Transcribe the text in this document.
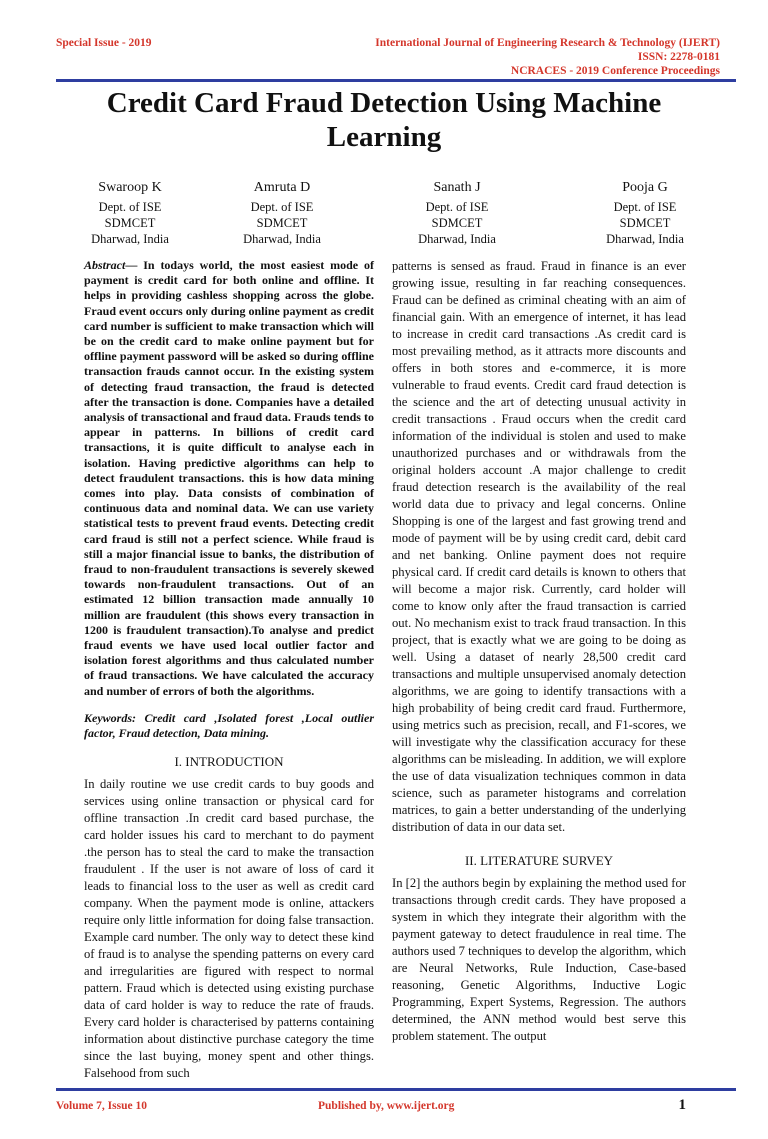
Special Issue - 2019	International Journal of Engineering Research & Technology (IJERT)
ISSN: 2278-0181
NCRACES - 2019 Conference Proceedings
Credit Card Fraud Detection Using Machine Learning
Swaroop K
Dept. of ISE
SDMCET
Dharwad, India
Amruta D
Dept. of ISE
SDMCET
Dharwad, India
Sanath J
Dept. of ISE
SDMCET
Dharwad, India
Pooja G
Dept. of ISE
SDMCET
Dharwad, India

Abstract— In todays world, the most easiest mode of payment is credit card for both online and offline. It helps in providing cashless shopping across the globe. Fraud event occurs only during online payment as credit card number is sufficient to make transaction which will be on the credit card to make online payment but for offline payment password will be asked so during offline transaction frauds cannot occur. In the existing system of detecting fraud transaction, the fraud is detected after the transaction is done. Companies have a detailed analysis of transactional and fraud data. Frauds tends to appear in patterns. In billions of credit card transactions, it is quite difficult to analyse each in isolation. Having predictive algorithms can help to detect fraudulent transactions. this is how data mining comes into play. Data consists of combination of continuous data and nominal data. We can use variety statistical tests to prevent fraud events. Detecting credit card fraud is still not a perfect science. While fraud is still a major financial issue to banks, the distribution of fraud to non-fraudulent transactions is severely skewed towards non-fraudulent transactions. Out of an estimated 12 billion transaction made annually 10 million are fraudulent (this shows every transaction in 1200 is fraudulent transaction).To analyse and predict fraud events we have used local outlier factor and isolation forest algorithms and thus calculated number of fraud transactions. We have calculated the accuracy and number of errors of both the algorithms.

Keywords: Credit card ,Isolated forest ,Local outlier factor, Fraud detection, Data mining.

I. INTRODUCTION

In daily routine we use credit cards to buy goods and services using online transaction or physical card for offline transaction .In credit card based purchase, the card holder issues his card to merchant to do payment .the person has to steal the card to make the transaction fraudulent . If the user is not aware of loss of card it leads to financial loss to the user as well as credit card company. When the payment mode is online, attackers require only little information for doing false transaction. Example card number. The only way to detect these kind of fraud is to analyse the spending patterns on every card and irregularities are figured with respect to normal pattern. Fraud which is detected using existing purchase data of card holder is way to reduce the rate of frauds. Every card holder is characterised by patterns containing information about distinctive purchase category the time since the last buying, money spent and other things. Falsehood from such

patterns is sensed as fraud. Fraud in finance is an ever growing issue, resulting in far reaching consequences. Fraud can be defined as criminal cheating with an aim of financial gain. With an emergence of internet, it has lead to increase in credit card transactions .As credit card is most prevailing method, as it attracts more discounts and offers in both stores and e-commerce, it is more vulnerable to fraud events. Credit card fraud detection is the science and the art of detecting unusual activity in credit transactions . Fraud occurs when the credit card information of the individual is stolen and used to make unauthorized purchases and or withdrawals from the original holders account .A major challenge to credit fraud detection research is the availability of the real world data due to privacy and legal concerns. Online Shopping is one of the largest and fast growing trend and mode of payment will be by using credit card, debit card and net banking. Online payment does not require physical card. If credit card details is known to others that will become a major risk. Currently, card holder will come to know only after the fraud transaction is carried out. No mechanism exist to track fraud transaction. In this project, that is exactly what we are going to be doing as well. Using a dataset of nearly 28,500 credit card transactions and multiple unsupervised anomaly detection algorithms, we are going to identify transactions with a high probability of being credit card fraud. Furthermore, using metrics such as precision, recall, and F1-scores, we will investigate why the classification accuracy for these algorithms can be misleading. In addition, we will explore the use of data visualization techniques common in data science, such as parameter histograms and correlation matrices, to gain a better understanding of the underlying distribution of data in our data set.

II. LITERATURE SURVEY

In [2] the authors begin by explaining the method used for transactions through credit cards. They have proposed a system in which they integrate their algorithm with the payment gateway to detect fraudulence in real time. The authors used 7 techniques to develop the algorithm, which are Neural Networks, Rule Induction, Case-based reasoning, Genetic Algorithms, Inductive Logic Programming, Expert Systems, Regression. The authors determined, the ANN method would best serve this problem statement. The output

Volume 7, Issue 10	Published by, www.ijert.org	1
